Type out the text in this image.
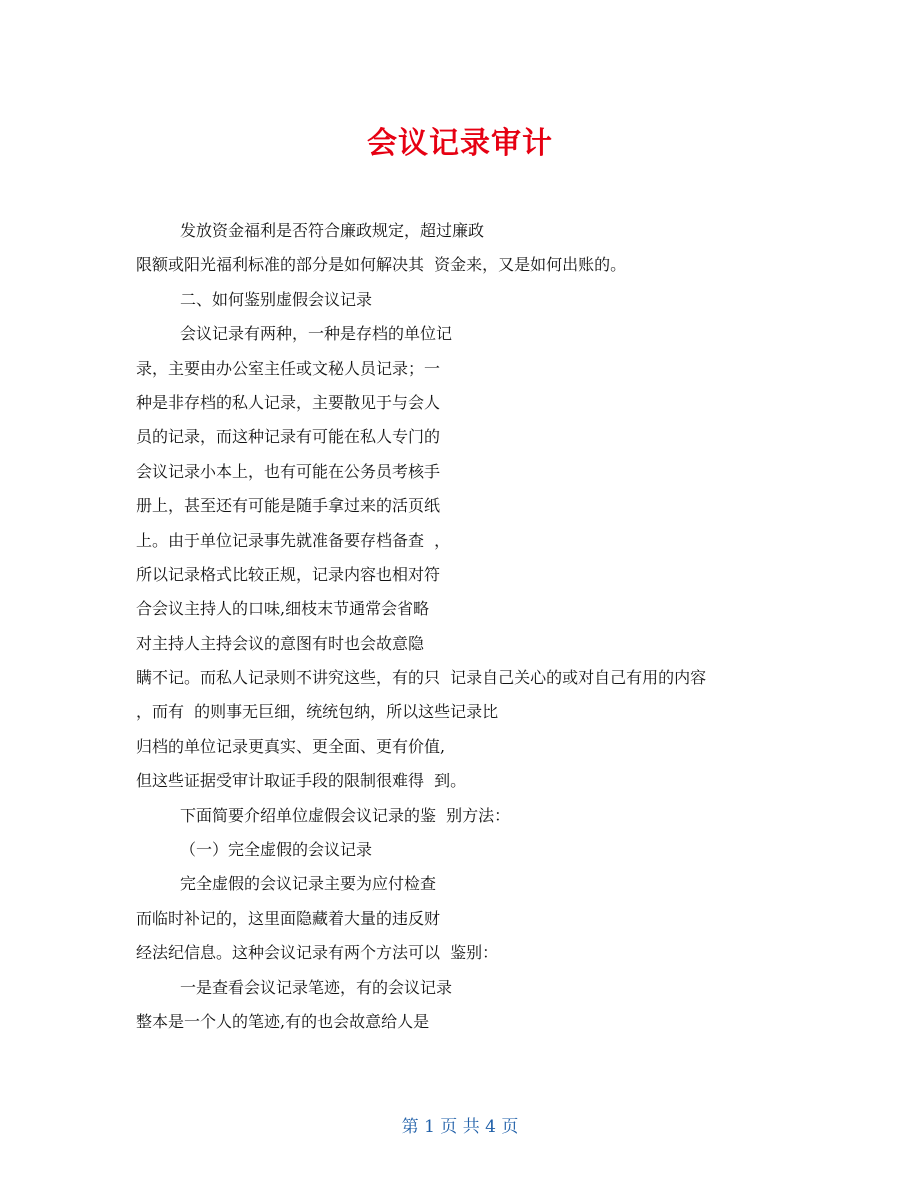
会议记录审计

发放资金福利是否符合廉政规定，超过廉政

限额或阳光福利标准的部分是如何解决其  资金来，又是如何出账的。

二、如何鉴别虚假会议记录

会议记录有两种，一种是存档的单位记

录，主要由办公室主任或文秘人员记录；一

种是非存档的私人记录，主要散见于与会人

员的记录，而这种记录有可能在私人专门的

会议记录小本上，也有可能在公务员考核手

册上，甚至还有可能是随手拿过来的活页纸

上。由于单位记录事先就准备要存档备查  ，

所以记录格式比较正规，记录内容也相对符

合会议主持人的口味,细枝末节通常会省略

对主持人主持会议的意图有时也会故意隐

瞒不记。而私人记录则不讲究这些，有的只  记录自己关心的或对自己有用的内容

，而有  的则事无巨细，统统包纳，所以这些记录比

归档的单位记录更真实、更全面、更有价值,

但这些证据受审计取证手段的限制很难得  到。

下面简要介绍单位虚假会议记录的鉴  别方法：

（一）完全虚假的会议记录

完全虚假的会议记录主要为应付检查

而临时补记的，这里面隐藏着大量的违反财

经法纪信息。这种会议记录有两个方法可以  鉴别：

一是查看会议记录笔迹，有的会议记录

整本是一个人的笔迹,有的也会故意给人是

第 1 页 共 4 页
